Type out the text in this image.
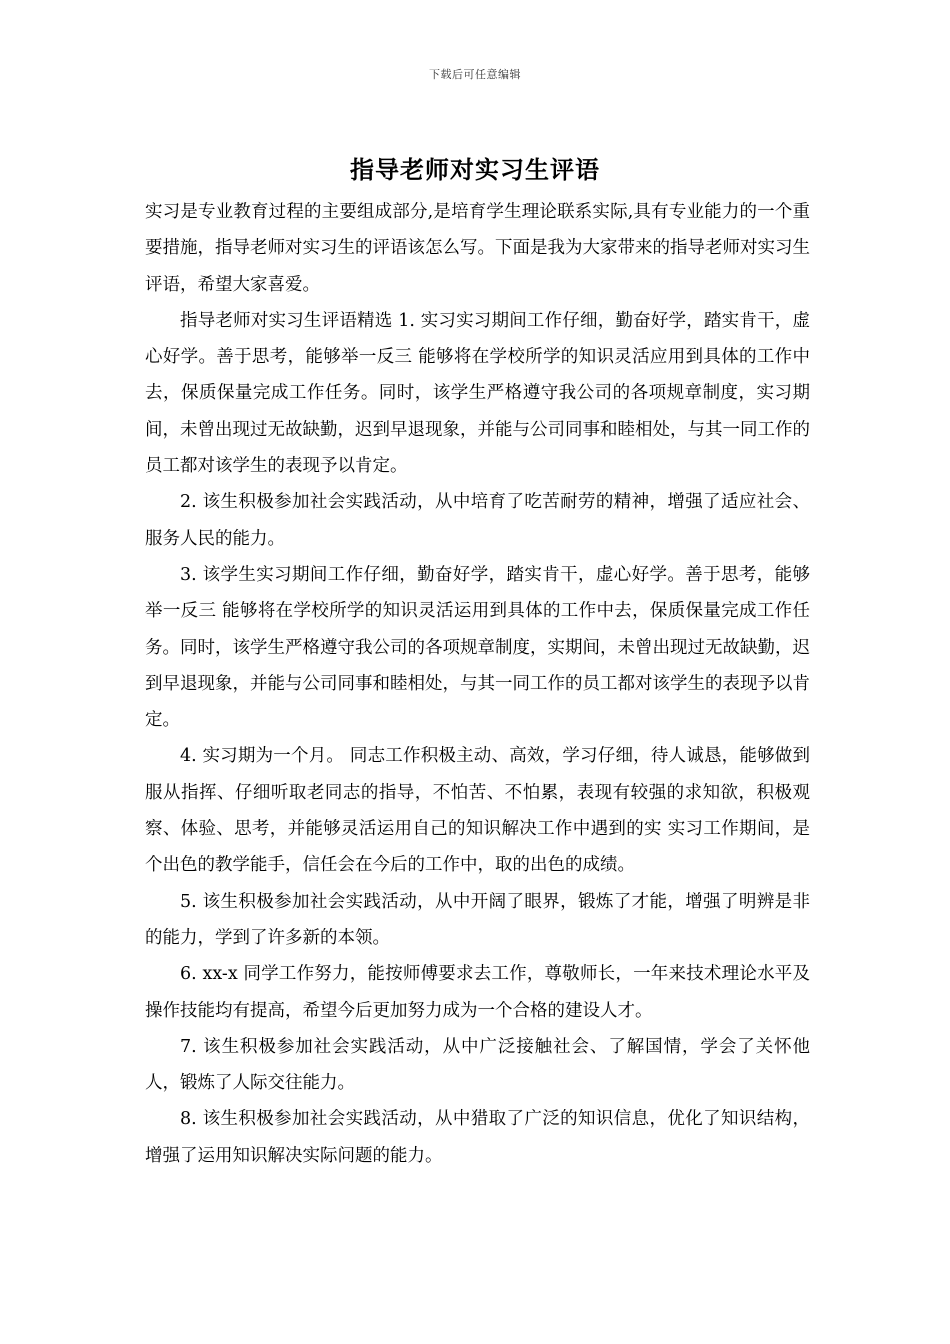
下载后可任意编辑
指导老师对实习生评语

实习是专业教育过程的主要组成部分,是培育学生理论联系实际,具有专业能力的一个重要措施，指导老师对实习生的评语该怎么写。下面是我为大家带来的指导老师对实习生评语，希望大家喜爱。

指导老师对实习生评语精选 1. 实习实习期间工作仔细，勤奋好学，踏实肯干，虚心好学。善于思考，能够举一反三 能够将在学校所学的知识灵活应用到具体的工作中去，保质保量完成工作任务。同时，该学生严格遵守我公司的各项规章制度，实习期间，未曾出现过无故缺勤，迟到早退现象，并能与公司同事和睦相处，与其一同工作的员工都对该学生的表现予以肯定。

2. 该生积极参加社会实践活动，从中培育了吃苦耐劳的精神，增强了适应社会、服务人民的能力。

3. 该学生实习期间工作仔细，勤奋好学，踏实肯干，虚心好学。善于思考，能够举一反三 能够将在学校所学的知识灵活运用到具体的工作中去，保质保量完成工作任务。同时，该学生严格遵守我公司的各项规章制度，实期间，未曾出现过无故缺勤，迟到早退现象，并能与公司同事和睦相处，与其一同工作的员工都对该学生的表现予以肯定。

4. 实习期为一个月。 同志工作积极主动、高效，学习仔细，待人诚恳，能够做到服从指挥、仔细听取老同志的指导，不怕苦、不怕累，表现有较强的求知欲，积极观察、体验、思考，并能够灵活运用自己的知识解决工作中遇到的实 实习工作期间，是个出色的教学能手，信任会在今后的工作中，取的出色的成绩。

5. 该生积极参加社会实践活动，从中开阔了眼界，锻炼了才能，增强了明辨是非的能力，学到了许多新的本领。

6. xx-x 同学工作努力，能按师傅要求去工作，尊敬师长，一年来技术理论水平及操作技能均有提高，希望今后更加努力成为一个合格的建设人才。

7. 该生积极参加社会实践活动，从中广泛接触社会、了解国情，学会了关怀他人，锻炼了人际交往能力。

8. 该生积极参加社会实践活动，从中猎取了广泛的知识信息，优化了知识结构，增强了运用知识解决实际问题的能力。
